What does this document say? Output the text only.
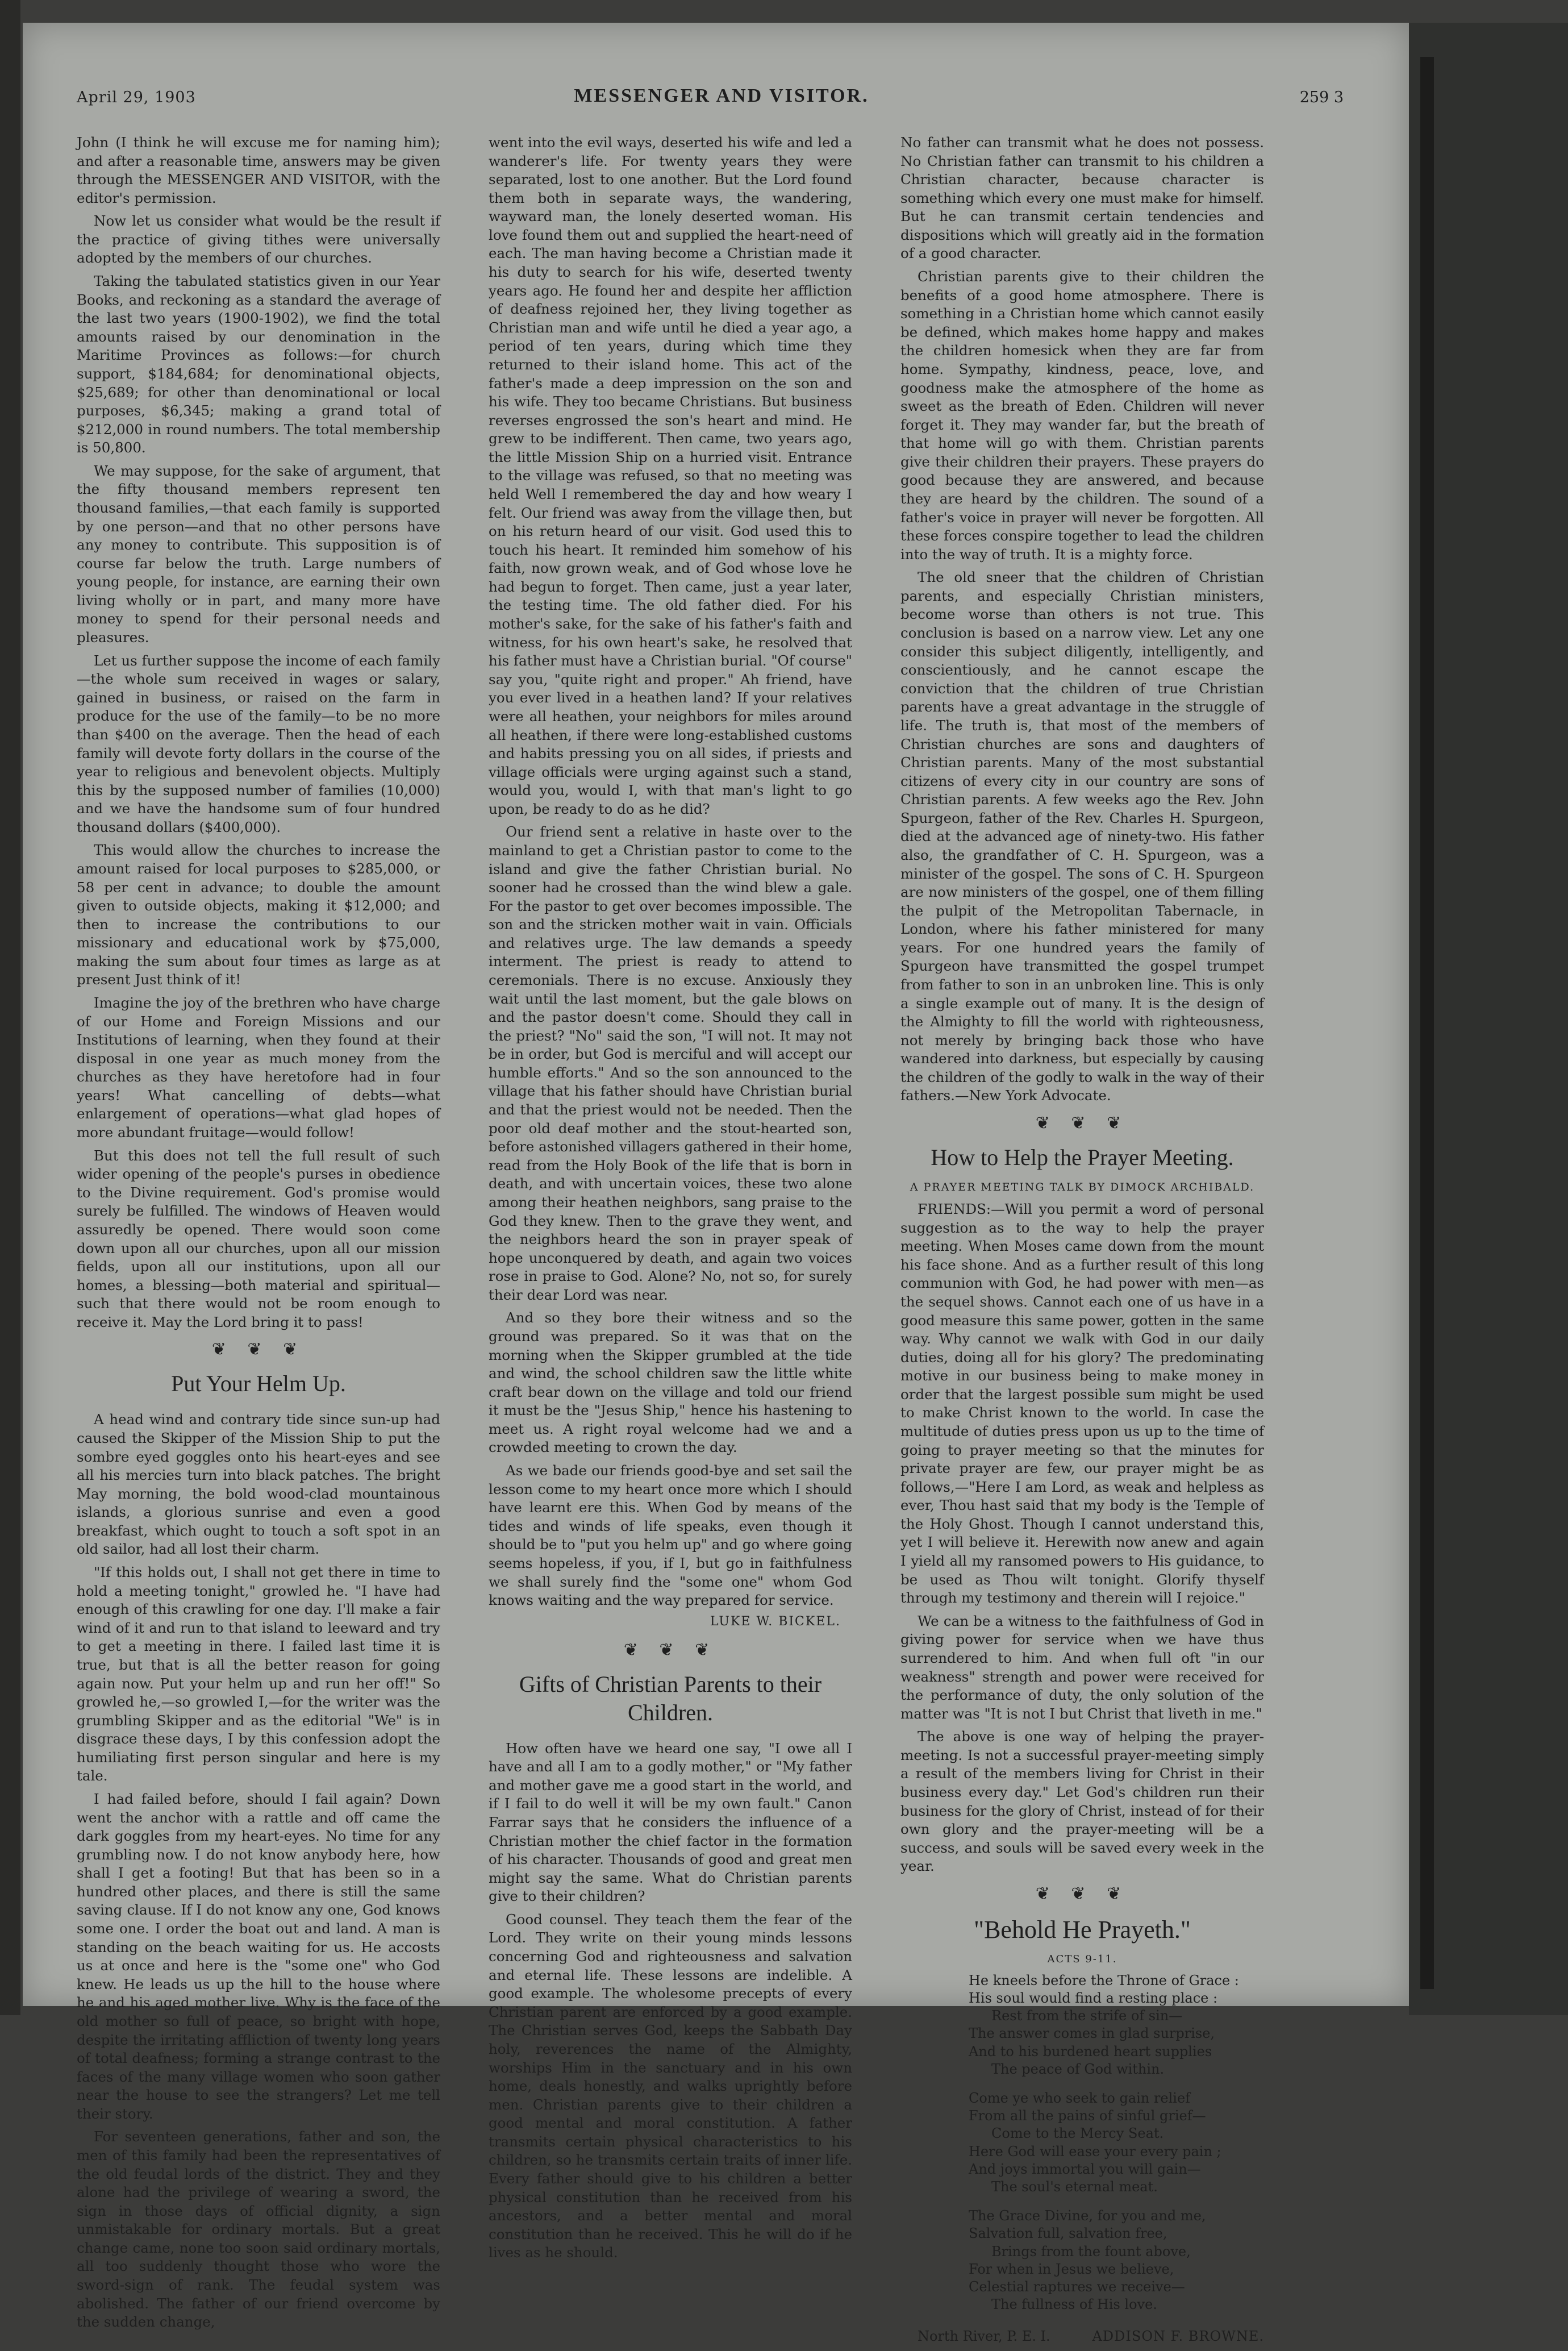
April 29, 1903	MESSENGER AND VISITOR.	259 3

John (I think he will excuse me for naming him); and after a reasonable time, answers may be given through the MESSENGER AND VISITOR, with the editor's permission.

Now let us consider what would be the result if the practice of giving tithes were universally adopted by the members of our churches.

Taking the tabulated statistics given in our Year Books, and reckoning as a standard the average of the last two years (1900-1902), we find the total amounts raised by our denomination in the Maritime Provinces as follows:—for church support, $184,684; for denominational objects, $25,689; for other than denominational or local purposes, $6,345; making a grand total of $212,000 in round numbers. The total membership is 50,800.

We may suppose, for the sake of argument, that the fifty thousand members represent ten thousand families,—that each family is supported by one person—and that no other persons have any money to contribute. This supposition is of course far below the truth. Large numbers of young people, for instance, are earning their own living wholly or in part, and many more have money to spend for their personal needs and pleasures.

Let us further suppose the income of each family—the whole sum received in wages or salary, gained in business, or raised on the farm in produce for the use of the family—to be no more than $400 on the average. Then the head of each family will devote forty dollars in the course of the year to religious and benevolent objects. Multiply this by the supposed number of families (10,000) and we have the handsome sum of four hundred thousand dollars ($400,000).

This would allow the churches to increase the amount raised for local purposes to $285,000, or 58 per cent in advance; to double the amount given to outside objects, making it $12,000; and then to increase the contributions to our missionary and educational work by $75,000, making the sum about four times as large as at present Just think of it!

Imagine the joy of the brethren who have charge of our Home and Foreign Missions and our Institutions of learning, when they found at their disposal in one year as much money from the churches as they have heretofore had in four years! What cancelling of debts—what enlargement of operations—what glad hopes of more abundant fruitage—would follow!

But this does not tell the full result of such wider opening of the people's purses in obedience to the Divine requirement. God's promise would surely be fulfilled. The windows of Heaven would assuredly be opened. There would soon come down upon all our churches, upon all our mission fields, upon all our institutions, upon all our homes, a blessing—both material and spiritual—such that there would not be room enough to receive it. May the Lord bring it to pass!

❦ ❦ ❦
Put Your Helm Up.

A head wind and contrary tide since sun-up had caused the Skipper of the Mission Ship to put the sombre eyed goggles onto his heart-eyes and see all his mercies turn into black patches. The bright May morning, the bold wood-clad mountainous islands, a glorious sunrise and even a good breakfast, which ought to touch a soft spot in an old sailor, had all lost their charm.

"If this holds out, I shall not get there in time to hold a meeting tonight," growled he. "I have had enough of this crawling for one day. I'll make a fair wind of it and run to that island to leeward and try to get a meeting in there. I failed last time it is true, but that is all the better reason for going again now. Put your helm up and run her off!" So growled he,—so growled I,—for the writer was the grumbling Skipper and as the editorial "We" is in disgrace these days, I by this confession adopt the humiliating first person singular and here is my tale.

I had failed before, should I fail again? Down went the anchor with a rattle and off came the dark goggles from my heart-eyes. No time for any grumbling now. I do not know anybody here, how shall I get a footing! But that has been so in a hundred other places, and there is still the same saving clause. If I do not know any one, God knows some one. I order the boat out and land. A man is standing on the beach waiting for us. He accosts us at once and here is the "some one" who God knew. He leads us up the hill to the house where he and his aged mother live. Why is the face of the old mother so full of peace, so bright with hope, despite the irritating affliction of twenty long years of total deafness; forming a strange contrast to the faces of the many village women who soon gather near the house to see the strangers? Let me tell their story.

For seventeen generations, father and son, the men of this family had been the representatives of the old feudal lords of the district. They and they alone had the privilege of wearing a sword, the sign in those days of official dignity, a sign unmistakable for ordinary mortals. But a great change came, none too soon said ordinary mortals, all too suddenly thought those who wore the sword-sign of rank. The feudal system was abolished. The father of our friend overcome by the sudden change,

went into the evil ways, deserted his wife and led a wanderer's life. For twenty years they were separated, lost to one another. But the Lord found them both in separate ways, the wandering, wayward man, the lonely deserted woman. His love found them out and supplied the heart-need of each. The man having become a Christian made it his duty to search for his wife, deserted twenty years ago. He found her and despite her affliction of deafness rejoined her, they living together as Christian man and wife until he died a year ago, a period of ten years, during which time they returned to their island home. This act of the father's made a deep impression on the son and his wife. They too became Christians. But business reverses engrossed the son's heart and mind. He grew to be indifferent. Then came, two years ago, the little Mission Ship on a hurried visit. Entrance to the village was refused, so that no meeting was held Well I remembered the day and how weary I felt. Our friend was away from the village then, but on his return heard of our visit. God used this to touch his heart. It reminded him somehow of his faith, now grown weak, and of God whose love he had begun to forget. Then came, just a year later, the testing time. The old father died. For his mother's sake, for the sake of his father's faith and witness, for his own heart's sake, he resolved that his father must have a Christian burial. "Of course" say you, "quite right and proper." Ah friend, have you ever lived in a heathen land? If your relatives were all heathen, your neighbors for miles around all heathen, if there were long-established customs and habits pressing you on all sides, if priests and village officials were urging against such a stand, would you, would I, with that man's light to go upon, be ready to do as he did?

Our friend sent a relative in haste over to the mainland to get a Christian pastor to come to the island and give the father Christian burial. No sooner had he crossed than the wind blew a gale. For the pastor to get over becomes impossible. The son and the stricken mother wait in vain. Officials and relatives urge. The law demands a speedy interment. The priest is ready to attend to ceremonials. There is no excuse. Anxiously they wait until the last moment, but the gale blows on and the pastor doesn't come. Should they call in the priest? "No" said the son, "I will not. It may not be in order, but God is merciful and will accept our humble efforts." And so the son announced to the village that his father should have Christian burial and that the priest would not be needed. Then the poor old deaf mother and the stout-hearted son, before astonished villagers gathered in their home, read from the Holy Book of the life that is born in death, and with uncertain voices, these two alone among their heathen neighbors, sang praise to the God they knew. Then to the grave they went, and the neighbors heard the son in prayer speak of hope unconquered by death, and again two voices rose in praise to God. Alone? No, not so, for surely their dear Lord was near.

And so they bore their witness and so the ground was prepared. So it was that on the morning when the Skipper grumbled at the tide and wind, the school children saw the little white craft bear down on the village and told our friend it must be the "Jesus Ship," hence his hastening to meet us. A right royal welcome had we and a crowded meeting to crown the day.

As we bade our friends good-bye and set sail the lesson come to my heart once more which I should have learnt ere this. When God by means of the tides and winds of life speaks, even though it should be to "put you helm up" and go where going seems hopeless, if you, if I, but go in faithfulness we shall surely find the "some one" whom God knows waiting and the way prepared for service.

LUKE W. BICKEL.
❦ ❦ ❦
Gifts of Christian Parents to their Children.

How often have we heard one say, "I owe all I have and all I am to a godly mother," or "My father and mother gave me a good start in the world, and if I fail to do well it will be my own fault." Canon Farrar says that he considers the influence of a Christian mother the chief factor in the formation of his character. Thousands of good and great men might say the same. What do Christian parents give to their children?

Good counsel. They teach them the fear of the Lord. They write on their young minds lessons concerning God and righteousness and salvation and eternal life. These lessons are indelible. A good example. The wholesome precepts of every Christian parent are enforced by a good example. The Christian serves God, keeps the Sabbath Day holy, reverences the name of the Almighty, worships Him in the sanctuary and in his own home, deals honestly, and walks uprightly before men. Christian parents give to their children a good mental and moral constitution. A father transmits certain physical characteristics to his children, so he transmits certain traits of inner life. Every father should give to his children a better physical constitution than he received from his ancestors, and a better mental and moral constitution than he received. This he will do if he lives as he should.

No father can transmit what he does not possess. No Christian father can transmit to his children a Christian character, because character is something which every one must make for himself. But he can transmit certain tendencies and dispositions which will greatly aid in the formation of a good character.

Christian parents give to their children the benefits of a good home atmosphere. There is something in a Christian home which cannot easily be defined, which makes home happy and makes the children homesick when they are far from home. Sympathy, kindness, peace, love, and goodness make the atmosphere of the home as sweet as the breath of Eden. Children will never forget it. They may wander far, but the breath of that home will go with them. Christian parents give their children their prayers. These prayers do good because they are answered, and because they are heard by the children. The sound of a father's voice in prayer will never be forgotten. All these forces conspire together to lead the children into the way of truth. It is a mighty force.

The old sneer that the children of Christian parents, and especially Christian ministers, become worse than others is not true. This conclusion is based on a narrow view. Let any one consider this subject diligently, intelligently, and conscientiously, and he cannot escape the conviction that the children of true Christian parents have a great advantage in the struggle of life. The truth is, that most of the members of Christian churches are sons and daughters of Christian parents. Many of the most substantial citizens of every city in our country are sons of Christian parents. A few weeks ago the Rev. John Spurgeon, father of the Rev. Charles H. Spurgeon, died at the advanced age of ninety-two. His father also, the grandfather of C. H. Spurgeon, was a minister of the gospel. The sons of C. H. Spurgeon are now ministers of the gospel, one of them filling the pulpit of the Metropolitan Tabernacle, in London, where his father ministered for many years. For one hundred years the family of Spurgeon have transmitted the gospel trumpet from father to son in an unbroken line. This is only a single example out of many. It is the design of the Almighty to fill the world with righteousness, not merely by bringing back those who have wandered into darkness, but especially by causing the children of the godly to walk in the way of their fathers.—New York Advocate.

❦ ❦ ❦
How to Help the Prayer Meeting.
A PRAYER MEETING TALK BY DIMOCK ARCHIBALD.

FRIENDS:—Will you permit a word of personal suggestion as to the way to help the prayer meeting. When Moses came down from the mount his face shone. And as a further result of this long communion with God, he had power with men—as the sequel shows. Cannot each one of us have in a good measure this same power, gotten in the same way. Why cannot we walk with God in our daily duties, doing all for his glory? The predominating motive in our business being to make money in order that the largest possible sum might be used to make Christ known to the world. In case the multitude of duties press upon us up to the time of going to prayer meeting so that the minutes for private prayer are few, our prayer might be as follows,—"Here I am Lord, as weak and helpless as ever, Thou hast said that my body is the Temple of the Holy Ghost. Though I cannot understand this, yet I will believe it. Herewith now anew and again I yield all my ransomed powers to His guidance, to be used as Thou wilt tonight. Glorify thyself through my testimony and therein will I rejoice."

We can be a witness to the faithfulness of God in giving power for service when we have thus surrendered to him. And when full oft "in our weakness" strength and power were received for the performance of duty, the only solution of the matter was "It is not I but Christ that liveth in me."

The above is one way of helping the prayer-meeting. Is not a successful prayer-meeting simply a result of the members living for Christ in their business every day." Let God's children run their business for the glory of Christ, instead of for their own glory and the prayer-meeting will be a success, and souls will be saved every week in the year.

❦ ❦ ❦
"Behold He Prayeth."
ACTS 9-11.
He kneels before the Throne of Grace :
His soul would find a resting place :
Rest from the strife of sin—
The answer comes in glad surprise,
And to his burdened heart supplies
The peace of God within.
Come ye who seek to gain relief
From all the pains of sinful grief—
Come to the Mercy Seat.
Here God will ease your every pain ;
And joys immortal you will gain—
The soul's eternal meat.
The Grace Divine, for you and me,
Salvation full, salvation free,
Brings from the fount above,
For when in Jesus we believe,
Celestial raptures we receive—
The fullness of His love.
North River, P. E. I.	ADDISON F. BROWNE.
